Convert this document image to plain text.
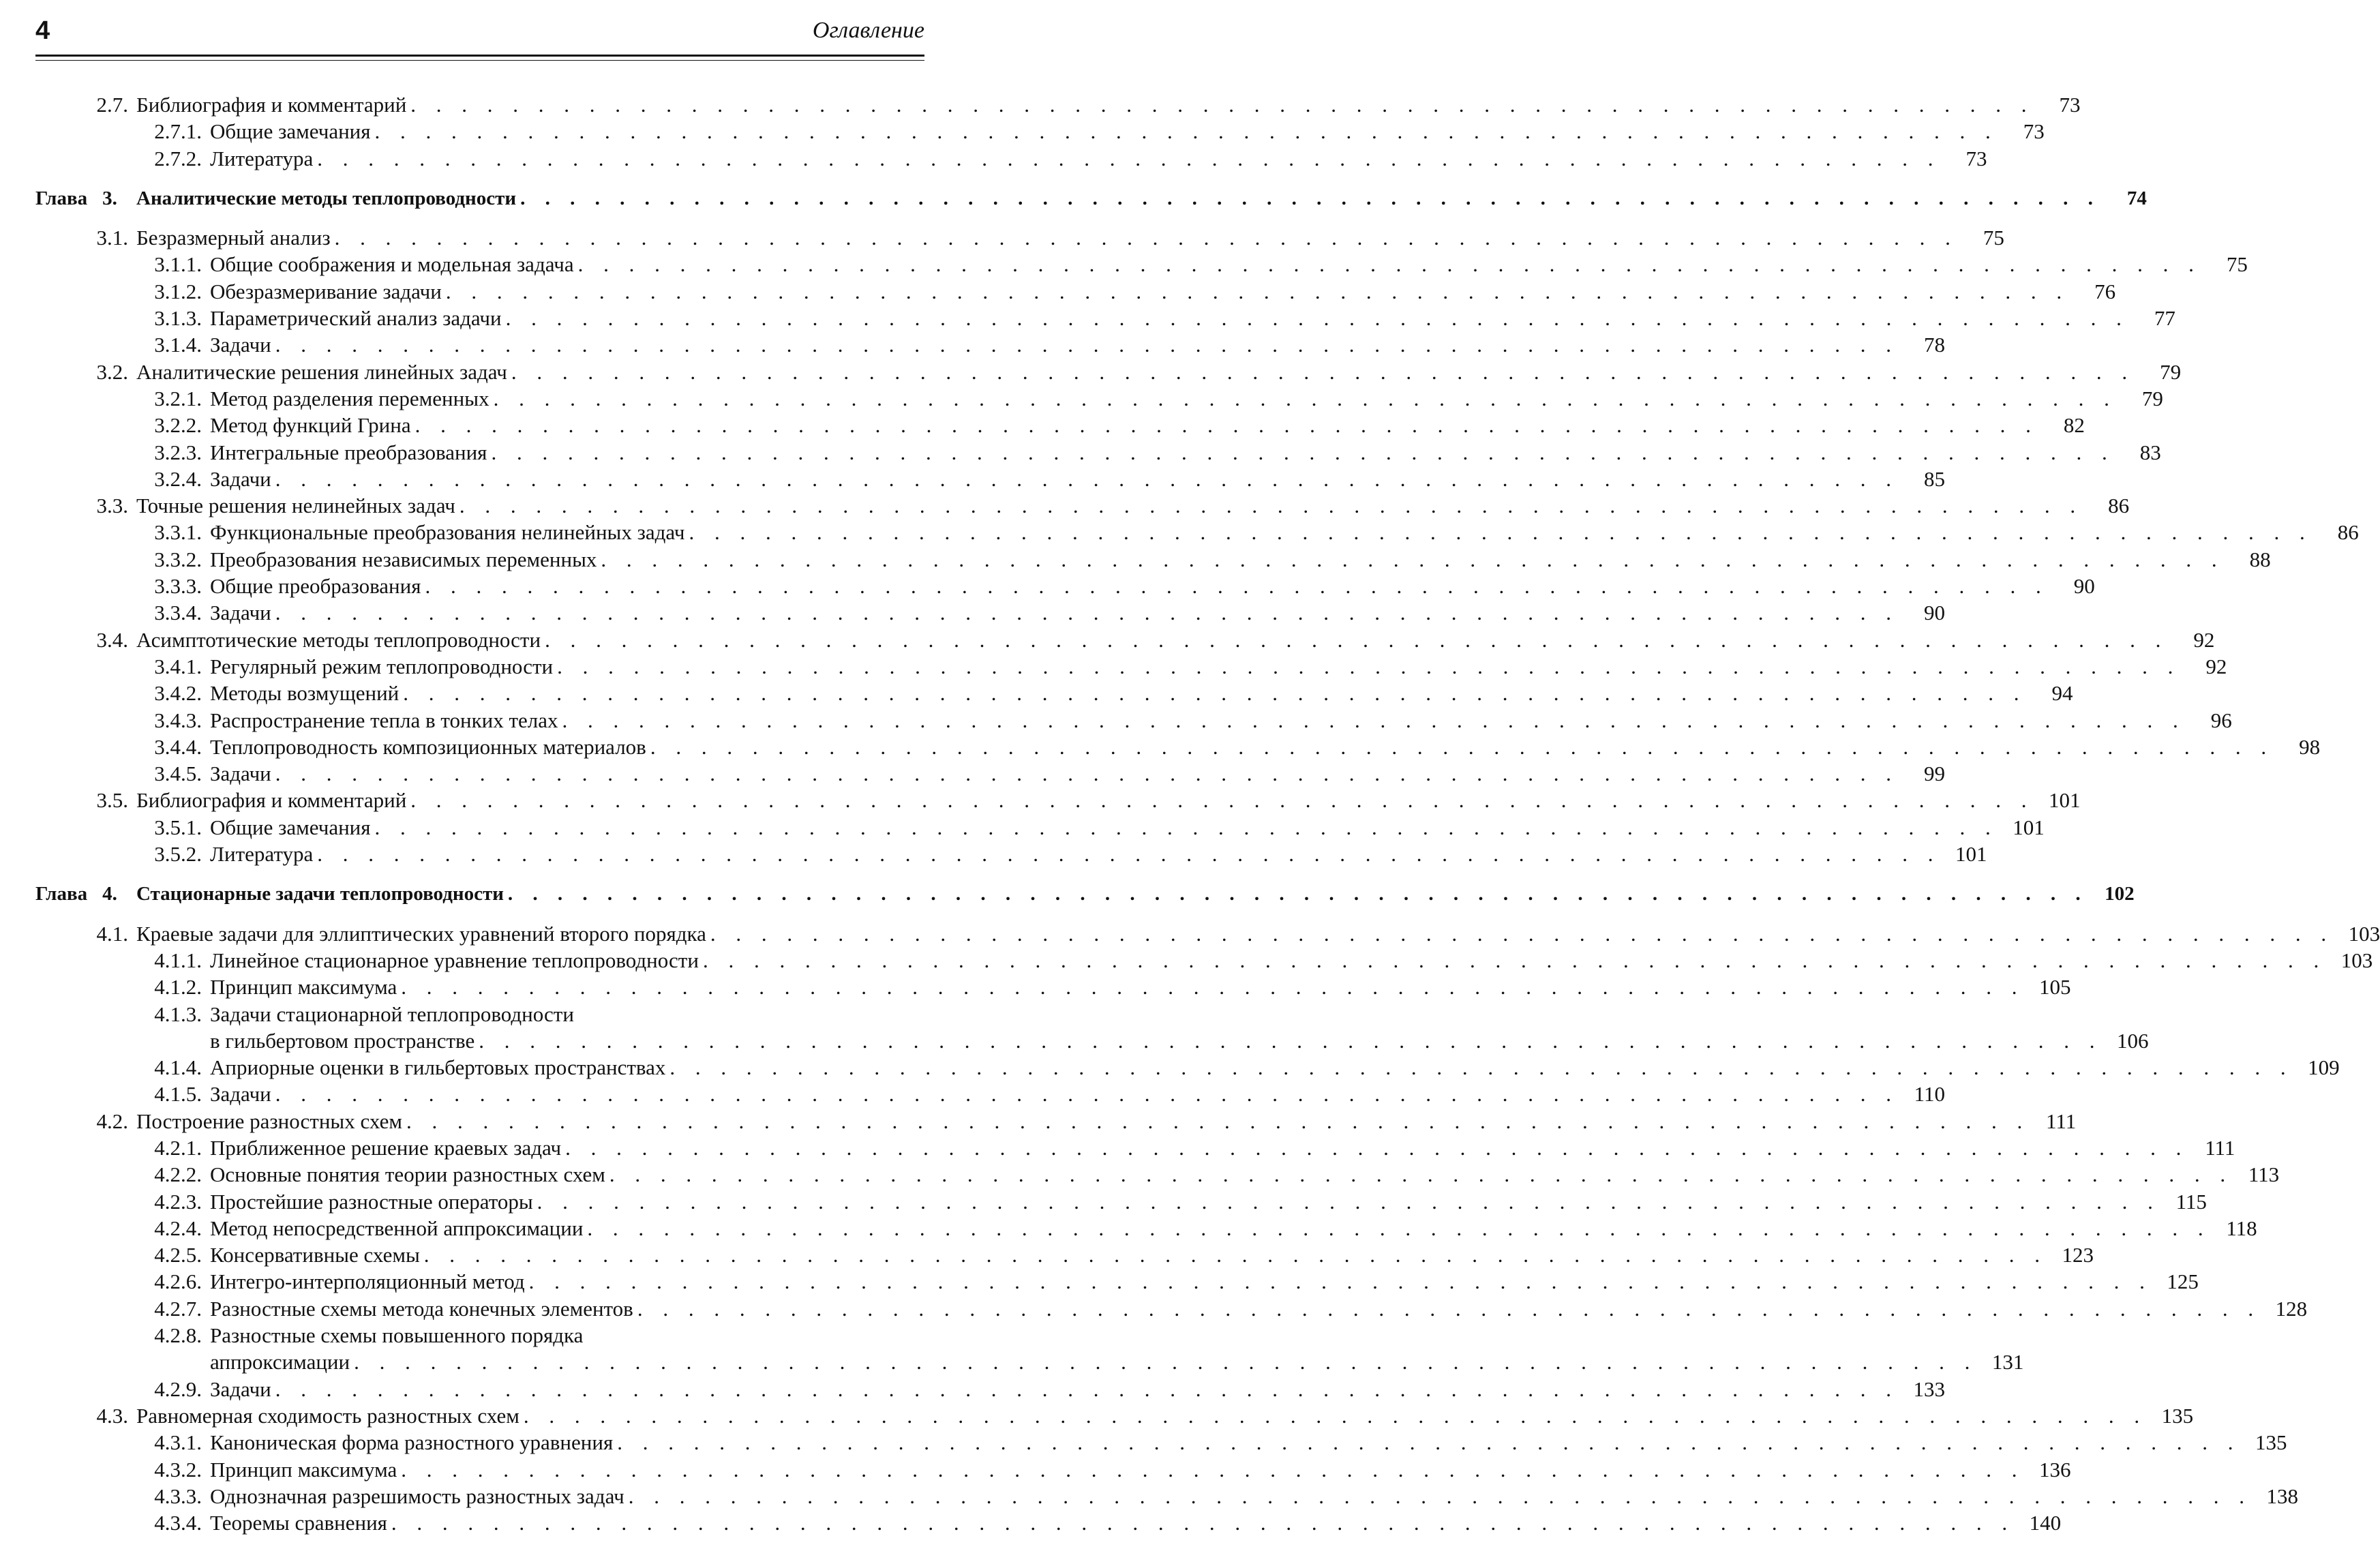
4	Оглавление
2.7. Библиография и комментарий . . . . . . . . . . . . . . . . . . . . . . . . . . . . . . . . . . . . . . . . . . . . . . . . . . . . . . . . . . . . . . . .	73
2.7.1. Общие замечания . . . . . . . . . . . . . . . . . . . . . . . . . . . . . . . . . . . . . . . . . . . . . . . . . . . . . . . . . . . . . . . .	73
2.7.2. Литература . . . . . . . . . . . . . . . . . . . . . . . . . . . . . . . . . . . . . . . . . . . . . . . . . . . . . . . . . . . . . . . .	73
Глава 3. Аналитические методы теплопроводности . . . . . . . . . . . . . . . . . . . . . . . . . . . . . . . . . . . . . . . . . . . . . . . . . . . . . . . . . . . . . . . .	74
3.1. Безразмерный анализ . . . . . . . . . . . . . . . . . . . . . . . . . . . . . . . . . . . . . . . . . . . . . . . . . . . . . . . . . . . . . . . .	75
3.1.1. Общие соображения и модельная задача . . . . . . . . . . . . . . . . . . . . . . . . . . . . . . . . . . . . . . . . . . . . . . . . . . . . . . . . . . . . . . . .	75
3.1.2. Обезразмеривание задачи . . . . . . . . . . . . . . . . . . . . . . . . . . . . . . . . . . . . . . . . . . . . . . . . . . . . . . . . . . . . . . . .	76
3.1.3. Параметрический анализ задачи . . . . . . . . . . . . . . . . . . . . . . . . . . . . . . . . . . . . . . . . . . . . . . . . . . . . . . . . . . . . . . . .	77
3.1.4. Задачи . . . . . . . . . . . . . . . . . . . . . . . . . . . . . . . . . . . . . . . . . . . . . . . . . . . . . . . . . . . . . . . .	78
3.2. Аналитические решения линейных задач . . . . . . . . . . . . . . . . . . . . . . . . . . . . . . . . . . . . . . . . . . . . . . . . . . . . . . . . . . . . . . . .	79
3.2.1. Метод разделения переменных . . . . . . . . . . . . . . . . . . . . . . . . . . . . . . . . . . . . . . . . . . . . . . . . . . . . . . . . . . . . . . . .	79
3.2.2. Метод функций Грина . . . . . . . . . . . . . . . . . . . . . . . . . . . . . . . . . . . . . . . . . . . . . . . . . . . . . . . . . . . . . . . .	82
3.2.3. Интегральные преобразования . . . . . . . . . . . . . . . . . . . . . . . . . . . . . . . . . . . . . . . . . . . . . . . . . . . . . . . . . . . . . . . .	83
3.2.4. Задачи . . . . . . . . . . . . . . . . . . . . . . . . . . . . . . . . . . . . . . . . . . . . . . . . . . . . . . . . . . . . . . . .	85
3.3. Точные решения нелинейных задач . . . . . . . . . . . . . . . . . . . . . . . . . . . . . . . . . . . . . . . . . . . . . . . . . . . . . . . . . . . . . . . .	86
3.3.1. Функциональные преобразования нелинейных задач . . . . . . . . . . . . . . . . . . . . . . . . . . . . . . . . . . . . . . . . . . . . . . . . . . . . . . . . . . . . . . . .	86
3.3.2. Преобразования независимых переменных . . . . . . . . . . . . . . . . . . . . . . . . . . . . . . . . . . . . . . . . . . . . . . . . . . . . . . . . . . . . . . . .	88
3.3.3. Общие преобразования . . . . . . . . . . . . . . . . . . . . . . . . . . . . . . . . . . . . . . . . . . . . . . . . . . . . . . . . . . . . . . . .	90
3.3.4. Задачи . . . . . . . . . . . . . . . . . . . . . . . . . . . . . . . . . . . . . . . . . . . . . . . . . . . . . . . . . . . . . . . .	90
3.4. Асимптотические методы теплопроводности . . . . . . . . . . . . . . . . . . . . . . . . . . . . . . . . . . . . . . . . . . . . . . . . . . . . . . . . . . . . . . . .	92
3.4.1. Регулярный режим теплопроводности . . . . . . . . . . . . . . . . . . . . . . . . . . . . . . . . . . . . . . . . . . . . . . . . . . . . . . . . . . . . . . . .	92
3.4.2. Методы возмущений . . . . . . . . . . . . . . . . . . . . . . . . . . . . . . . . . . . . . . . . . . . . . . . . . . . . . . . . . . . . . . . .	94
3.4.3. Распространение тепла в тонких телах . . . . . . . . . . . . . . . . . . . . . . . . . . . . . . . . . . . . . . . . . . . . . . . . . . . . . . . . . . . . . . . .	96
3.4.4. Теплопроводность композиционных материалов . . . . . . . . . . . . . . . . . . . . . . . . . . . . . . . . . . . . . . . . . . . . . . . . . . . . . . . . . . . . . . . .	98
3.4.5. Задачи . . . . . . . . . . . . . . . . . . . . . . . . . . . . . . . . . . . . . . . . . . . . . . . . . . . . . . . . . . . . . . . .	99
3.5. Библиография и комментарий . . . . . . . . . . . . . . . . . . . . . . . . . . . . . . . . . . . . . . . . . . . . . . . . . . . . . . . . . . . . . . . . 101
3.5.1. Общие замечания . . . . . . . . . . . . . . . . . . . . . . . . . . . . . . . . . . . . . . . . . . . . . . . . . . . . . . . . . . . . . . . . 101
3.5.2. Литература . . . . . . . . . . . . . . . . . . . . . . . . . . . . . . . . . . . . . . . . . . . . . . . . . . . . . . . . . . . . . . . . 101
Глава 4. Стационарные задачи теплопроводности . . . . . . . . . . . . . . . . . . . . . . . . . . . . . . . . . . . . . . . . . . . . . . . . . . . . . . . . . . . . . . . . 102
4.1. Краевые задачи для эллиптических уравнений второго порядка . . . . . . . . . . . . . . . . . . . . . . . . . . . . . . . . . . . . . . . . . . . . . . . . . . . . . . . . . . . . . . . . 103
4.1.1. Линейное стационарное уравнение теплопроводности . . . . . . . . . . . . . . . . . . . . . . . . . . . . . . . . . . . . . . . . . . . . . . . . . . . . . . . . . . . . . . . . 103
4.1.2. Принцип максимума . . . . . . . . . . . . . . . . . . . . . . . . . . . . . . . . . . . . . . . . . . . . . . . . . . . . . . . . . . . . . . . . 105
4.1.3. Задачи стационарной теплопроводности
в гильбертовом пространстве . . . . . . . . . . . . . . . . . . . . . . . . . . . . . . . . . . . . . . . . . . . . . . . . . . . . . . . . . . . . . . . . 106
4.1.4. Априорные оценки в гильбертовых пространствах . . . . . . . . . . . . . . . . . . . . . . . . . . . . . . . . . . . . . . . . . . . . . . . . . . . . . . . . . . . . . . . . 109
4.1.5. Задачи . . . . . . . . . . . . . . . . . . . . . . . . . . . . . . . . . . . . . . . . . . . . . . . . . . . . . . . . . . . . . . . . 110
4.2. Построение разностных схем . . . . . . . . . . . . . . . . . . . . . . . . . . . . . . . . . . . . . . . . . . . . . . . . . . . . . . . . . . . . . . . . 111
4.2.1. Приближенное решение краевых задач . . . . . . . . . . . . . . . . . . . . . . . . . . . . . . . . . . . . . . . . . . . . . . . . . . . . . . . . . . . . . . . . 111
4.2.2. Основные понятия теории разностных схем . . . . . . . . . . . . . . . . . . . . . . . . . . . . . . . . . . . . . . . . . . . . . . . . . . . . . . . . . . . . . . . . 113
4.2.3. Простейшие разностные операторы . . . . . . . . . . . . . . . . . . . . . . . . . . . . . . . . . . . . . . . . . . . . . . . . . . . . . . . . . . . . . . . . 115
4.2.4. Метод непосредственной аппроксимации . . . . . . . . . . . . . . . . . . . . . . . . . . . . . . . . . . . . . . . . . . . . . . . . . . . . . . . . . . . . . . . . 118
4.2.5. Консервативные схемы . . . . . . . . . . . . . . . . . . . . . . . . . . . . . . . . . . . . . . . . . . . . . . . . . . . . . . . . . . . . . . . . 123
4.2.6. Интегро-интерполяционный метод . . . . . . . . . . . . . . . . . . . . . . . . . . . . . . . . . . . . . . . . . . . . . . . . . . . . . . . . . . . . . . . . 125
4.2.7. Разностные схемы метода конечных элементов . . . . . . . . . . . . . . . . . . . . . . . . . . . . . . . . . . . . . . . . . . . . . . . . . . . . . . . . . . . . . . . . 128
4.2.8. Разностные схемы повышенного порядка
аппроксимации . . . . . . . . . . . . . . . . . . . . . . . . . . . . . . . . . . . . . . . . . . . . . . . . . . . . . . . . . . . . . . . . 131
4.2.9. Задачи . . . . . . . . . . . . . . . . . . . . . . . . . . . . . . . . . . . . . . . . . . . . . . . . . . . . . . . . . . . . . . . . 133
4.3. Равномерная сходимость разностных схем . . . . . . . . . . . . . . . . . . . . . . . . . . . . . . . . . . . . . . . . . . . . . . . . . . . . . . . . . . . . . . . . 135
4.3.1. Каноническая форма разностного уравнения . . . . . . . . . . . . . . . . . . . . . . . . . . . . . . . . . . . . . . . . . . . . . . . . . . . . . . . . . . . . . . . . 135
4.3.2. Принцип максимума . . . . . . . . . . . . . . . . . . . . . . . . . . . . . . . . . . . . . . . . . . . . . . . . . . . . . . . . . . . . . . . . 136
4.3.3. Однозначная разрешимость разностных задач . . . . . . . . . . . . . . . . . . . . . . . . . . . . . . . . . . . . . . . . . . . . . . . . . . . . . . . . . . . . . . . . 138
4.3.4. Теоремы сравнения . . . . . . . . . . . . . . . . . . . . . . . . . . . . . . . . . . . . . . . . . . . . . . . . . . . . . . . . . . . . . . . . 140
